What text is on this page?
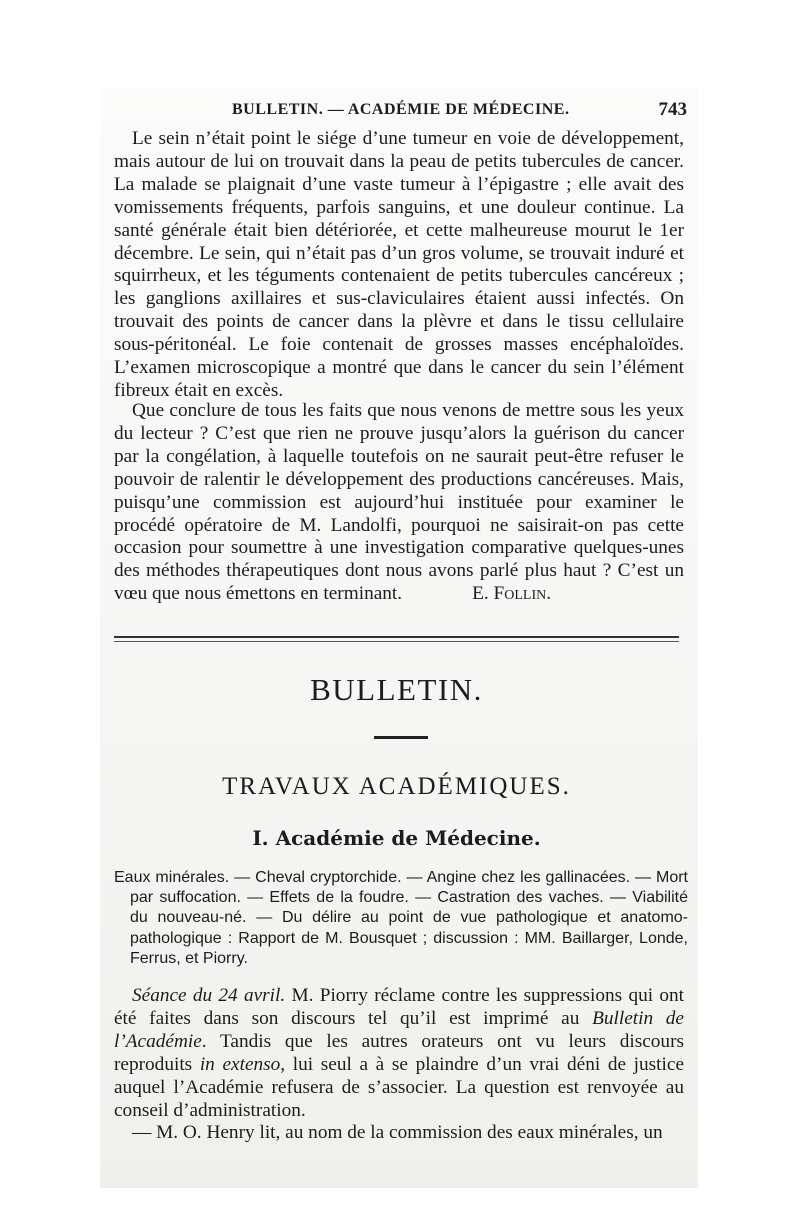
BULLETIN. — ACADÉMIE DE MÉDECINE.	743

Le sein n’était point le siége d’une tumeur en voie de développement, mais autour de lui on trouvait dans la peau de petits tubercules de cancer. La malade se plaignait d’une vaste tumeur à l’épigastre ; elle avait des vomissements fréquents, parfois sanguins, et une douleur continue. La santé générale était bien détériorée, et cette malheureuse mourut le 1er décembre. Le sein, qui n’était pas d’un gros volume, se trouvait induré et squirrheux, et les téguments contenaient de petits tubercules cancéreux ; les ganglions axillaires et sus-claviculaires étaient aussi infectés. On trouvait des points de cancer dans la plèvre et dans le tissu cellulaire sous-péritonéal. Le foie contenait de grosses masses encéphaloïdes. L’examen microscopique a montré que dans le cancer du sein l’élément fibreux était en excès.

Que conclure de tous les faits que nous venons de mettre sous les yeux du lecteur ? C’est que rien ne prouve jusqu’alors la guérison du cancer par la congélation, à laquelle toutefois on ne saurait peut-être refuser le pouvoir de ralentir le développement des productions cancéreuses. Mais, puisqu’une commission est aujourd’hui instituée pour examiner le procédé opératoire de M. Landolfi, pourquoi ne saisirait-on pas cette occasion pour soumettre à une investigation comparative quelques-unes des méthodes thérapeutiques dont nous avons parlé plus haut ? C’est un vœu que nous émettons en terminant.	E. Follin.

BULLETIN.
TRAVAUX ACADÉMIQUES.
I. Académie de Médecine.

Eaux minérales. — Cheval cryptorchide. — Angine chez les gallinacées. — Mort par suffocation. — Effets de la foudre. — Castration des vaches. — Viabilité du nouveau-né. — Du délire au point de vue pathologique et anatomo-pathologique : Rapport de M. Bousquet ; discussion : MM. Baillarger, Londe, Ferrus, et Piorry.

Séance du 24 avril. M. Piorry réclame contre les suppressions qui ont été faites dans son discours tel qu’il est imprimé au Bulletin de l’Académie. Tandis que les autres orateurs ont vu leurs discours reproduits in extenso, lui seul a à se plaindre d’un vrai déni de justice auquel l’Académie refusera de s’associer. La question est renvoyée au conseil d’administration.

— M. O. Henry lit, au nom de la commission des eaux minérales, un
